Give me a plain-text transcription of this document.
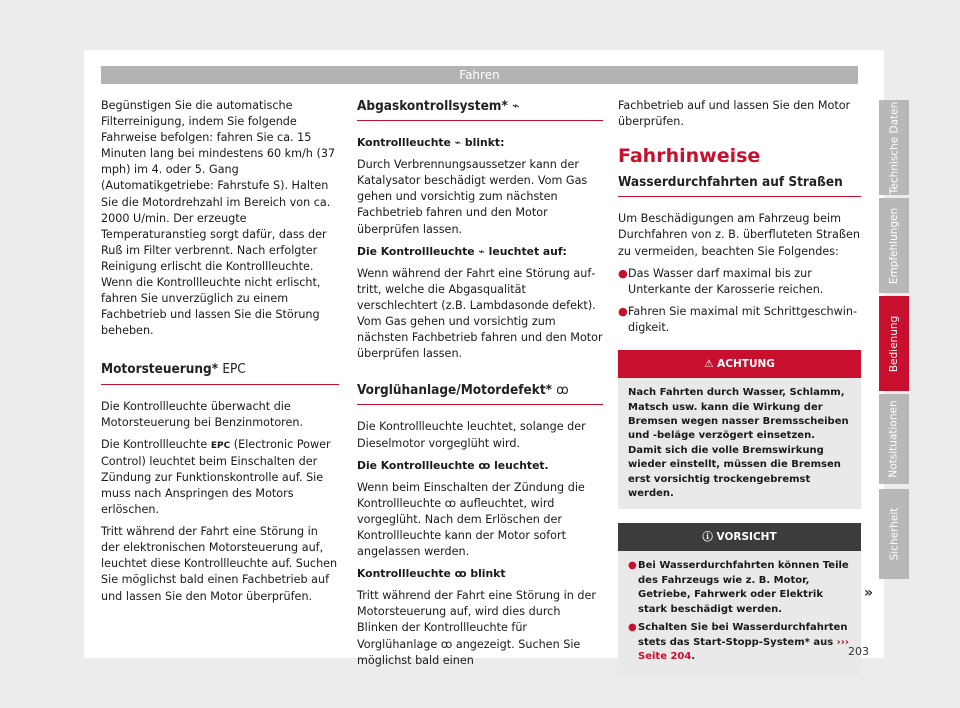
Fahren

Begünstigen Sie die automatische Filterreinigung, indem Sie folgende Fahrweise befolgen: fahren Sie ca. 15 Minuten lang bei mindestens 60 km/h (37 mph) im 4. oder 5. Gang (Automatikgetriebe: Fahrstufe S). Halten Sie die Motordrehzahl im Bereich von ca. 2000 U/min. Der erzeugte Temperaturanstieg sorgt dafür, dass der Ruß im Filter verbrennt. Nach erfolgter Reinigung erlischt die Kontrollleuchte. Wenn die Kontrollleuchte nicht erlischt, fahren Sie unverzüglich zu einem Fachbetrieb und lassen Sie die Störung beheben.

Motorsteuerung* EPC

Die Kontrollleuchte überwacht die Motorsteuerung bei Benzinmotoren.

Die Kontrollleuchte EPC (Electronic Power Control) leuchtet beim Einschalten der Zündung zur Funktionskontrolle auf. Sie muss nach Anspringen des Motors erlöschen.

Tritt während der Fahrt eine Störung in der elektronischen Motorsteuerung auf, leuchtet diese Kontrollleuchte auf. Suchen Sie möglichst bald einen Fachbetrieb auf und lassen Sie den Motor überprüfen.

Abgaskontrollsystem* ⌁

Kontrollleuchte ⌁ blinkt:

Durch Verbrennungsaussetzer kann der Katalysator beschädigt werden. Vom Gas gehen und vorsichtig zum nächsten Fachbetrieb fahren und den Motor überprüfen lassen.

Die Kontrollleuchte ⌁ leuchtet auf:

Wenn während der Fahrt eine Störung auftritt, welche die Abgasqualität verschlechtert (z.B. Lambdasonde defekt). Vom Gas gehen und vorsichtig zum nächsten Fachbetrieb fahren und den Motor überprüfen lassen.

Vorglühanlage/Motordefekt* ꝏ

Die Kontrollleuchte leuchtet, solange der Dieselmotor vorgeglüht wird.

Die Kontrollleuchte ꝏ leuchtet.

Wenn beim Einschalten der Zündung die Kontrollleuchte ꝏ aufleuchtet, wird vorgeglüht. Nach dem Erlöschen der Kontrollleuchte kann der Motor sofort angelassen werden.

Kontrollleuchte ꝏ blinkt

Tritt während der Fahrt eine Störung in der Motorsteuerung auf, wird dies durch Blinken der Kontrollleuchte für Vorglühanlage ꝏ angezeigt. Suchen Sie möglichst bald einen

Fachbetrieb auf und lassen Sie den Motor überprüfen.

Fahrhinweise
Wasserdurchfahrten auf Straßen

Um Beschädigungen am Fahrzeug beim Durchfahren von z. B. überfluteten Straßen zu vermeiden, beachten Sie Folgendes:

● Das Wasser darf maximal bis zur Unterkante der Karosserie reichen.

● Fahren Sie maximal mit Schrittgeschwindigkeit.

⚠ ACHTUNG
Nach Fahrten durch Wasser, Schlamm, Matsch usw. kann die Wirkung der Bremsen wegen nasser Bremsscheiben und -beläge verzögert einsetzen. Damit sich die volle Bremswirkung wieder einstellt, müssen die Bremsen erst vorsichtig trockengebremst werden.
ⓘ VORSICHT
● Bei Wasserdurchfahrten können Teile des Fahrzeugs wie z. B. Motor, Getriebe, Fahrwerk oder Elektrik stark beschädigt werden.
● Schalten Sie bei Wasserdurchfahrten stets das Start-Stopp-System* aus ››› Seite 204.
»
Technische Daten
Empfehlungen
Bedienung
Notsituationen
Sicherheit
203
